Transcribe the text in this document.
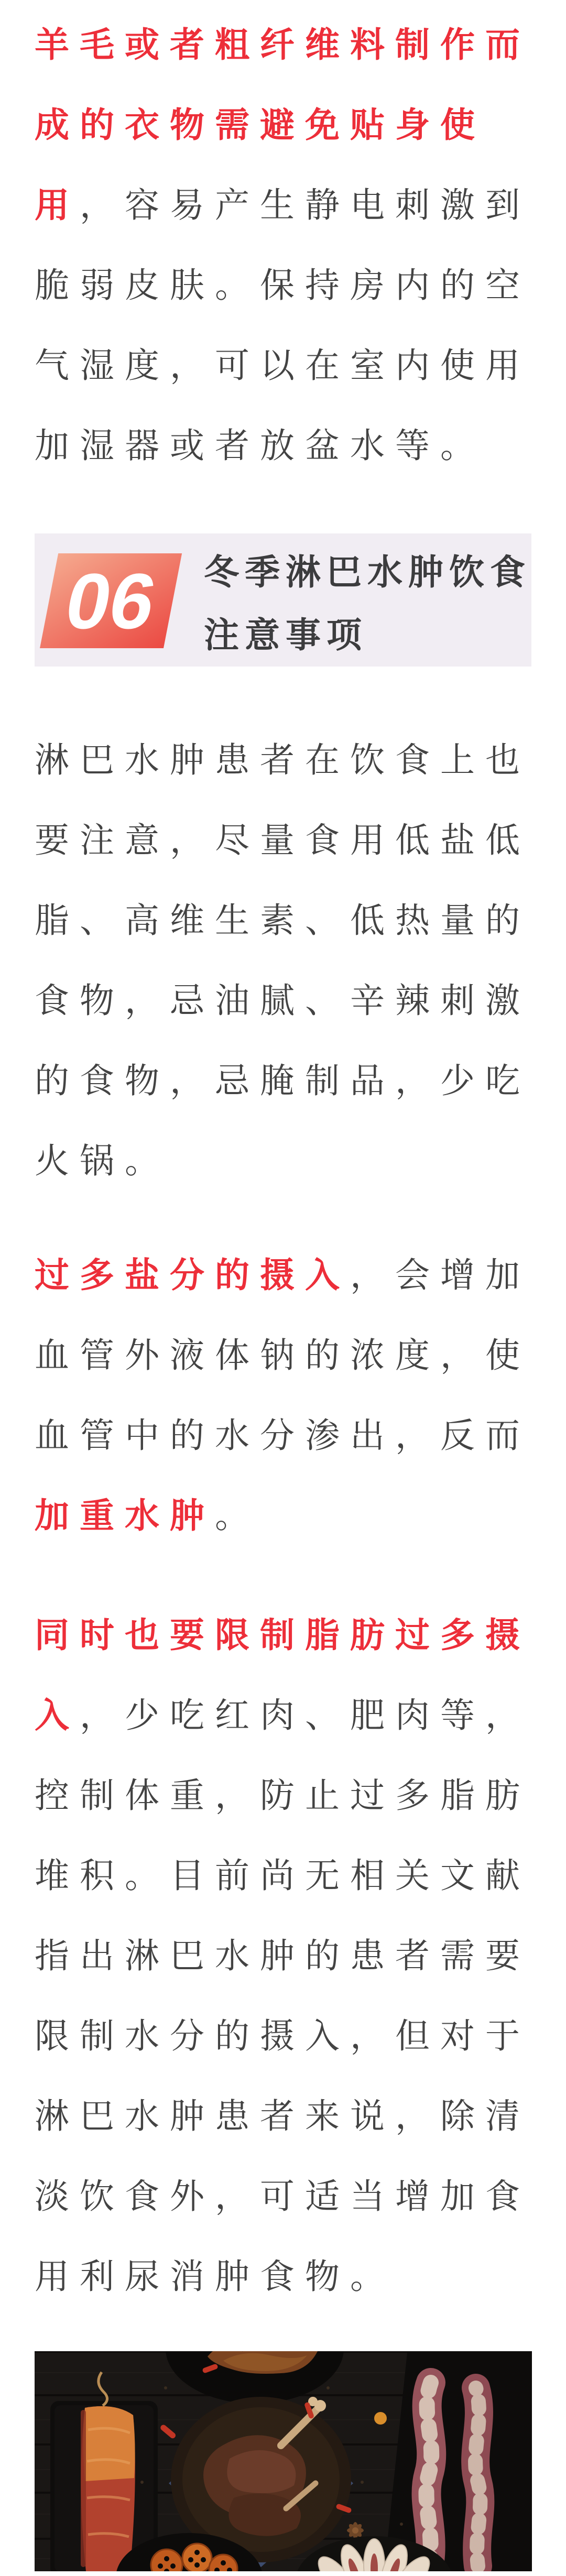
羊毛或者粗纤维料制作而
成的衣物需避免贴身使
用，容易产生静电刺激到
脆弱皮肤。保持房内的空
气湿度，可以在室内使用
加湿器或者放盆水等。
06 冬季淋巴水肿饮食
注意事项
淋巴水肿患者在饮食上也
要注意，尽量食用低盐低
脂、高维生素、低热量的
食物，忌油腻、辛辣刺激
的食物，忌腌制品，少吃
火锅。
过多盐分的摄入，会增加
血管外液体钠的浓度，使
血管中的水分渗出，反而
加重水肿。
同时也要限制脂肪过多摄
入，少吃红肉、肥肉等，
控制体重，防止过多脂肪
堆积。目前尚无相关文献
指出淋巴水肿的患者需要
限制水分的摄入，但对于
淋巴水肿患者来说，除清
淡饮食外，可适当增加食
用利尿消肿食物。
